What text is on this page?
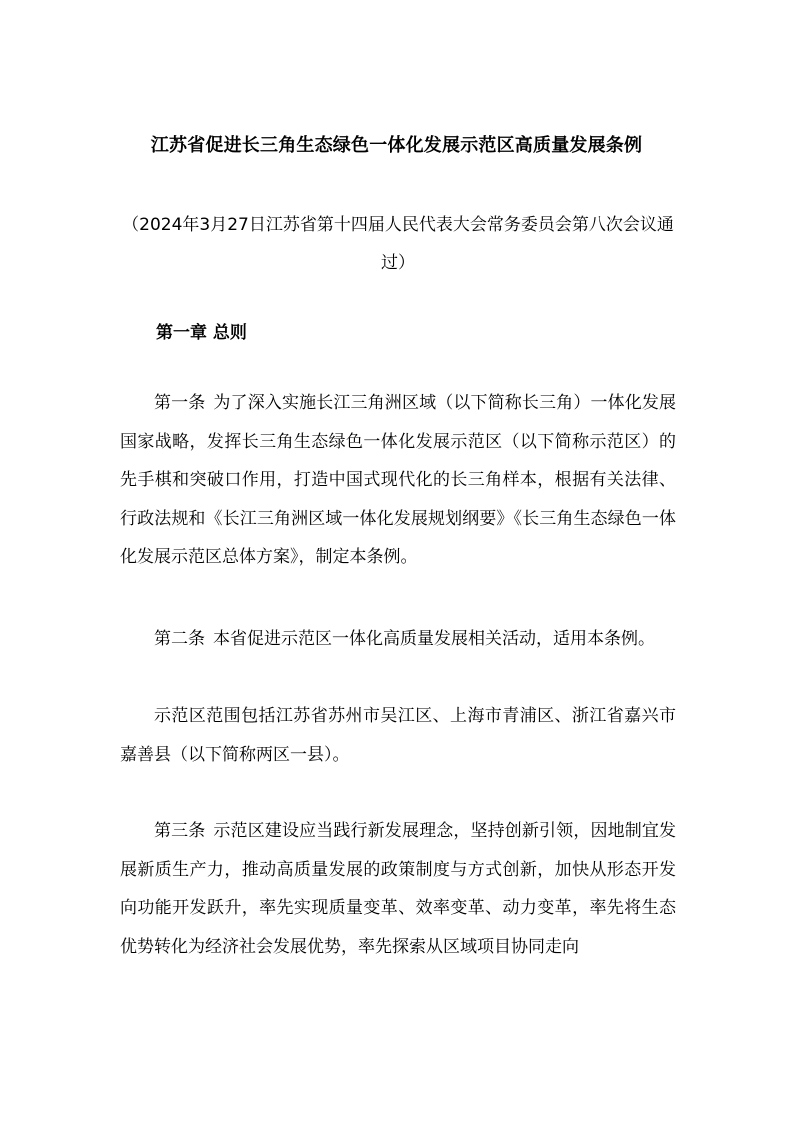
江苏省促进长三角生态绿色一体化发展示范区高质量发展条例
（2024年3月27日江苏省第十四届人民代表大会常务委员会第八次会议通过）
第一章 总则

第一条 为了深入实施长江三角洲区域（以下简称长三角）一体化发展国家战略，发挥长三角生态绿色一体化发展示范区（以下简称示范区）的先手棋和突破口作用，打造中国式现代化的长三角样本，根据有关法律、行政法规和《长江三角洲区域一体化发展规划纲要》《长三角生态绿色一体化发展示范区总体方案》，制定本条例。

第二条 本省促进示范区一体化高质量发展相关活动，适用本条例。

示范区范围包括江苏省苏州市吴江区、上海市青浦区、浙江省嘉兴市嘉善县（以下简称两区一县）。

第三条 示范区建设应当践行新发展理念，坚持创新引领，因地制宜发展新质生产力，推动高质量发展的政策制度与方式创新，加快从形态开发向功能开发跃升，率先实现质量变革、效率变革、动力变革，率先将生态优势转化为经济社会发展优势，率先探索从区域项目协同走向
